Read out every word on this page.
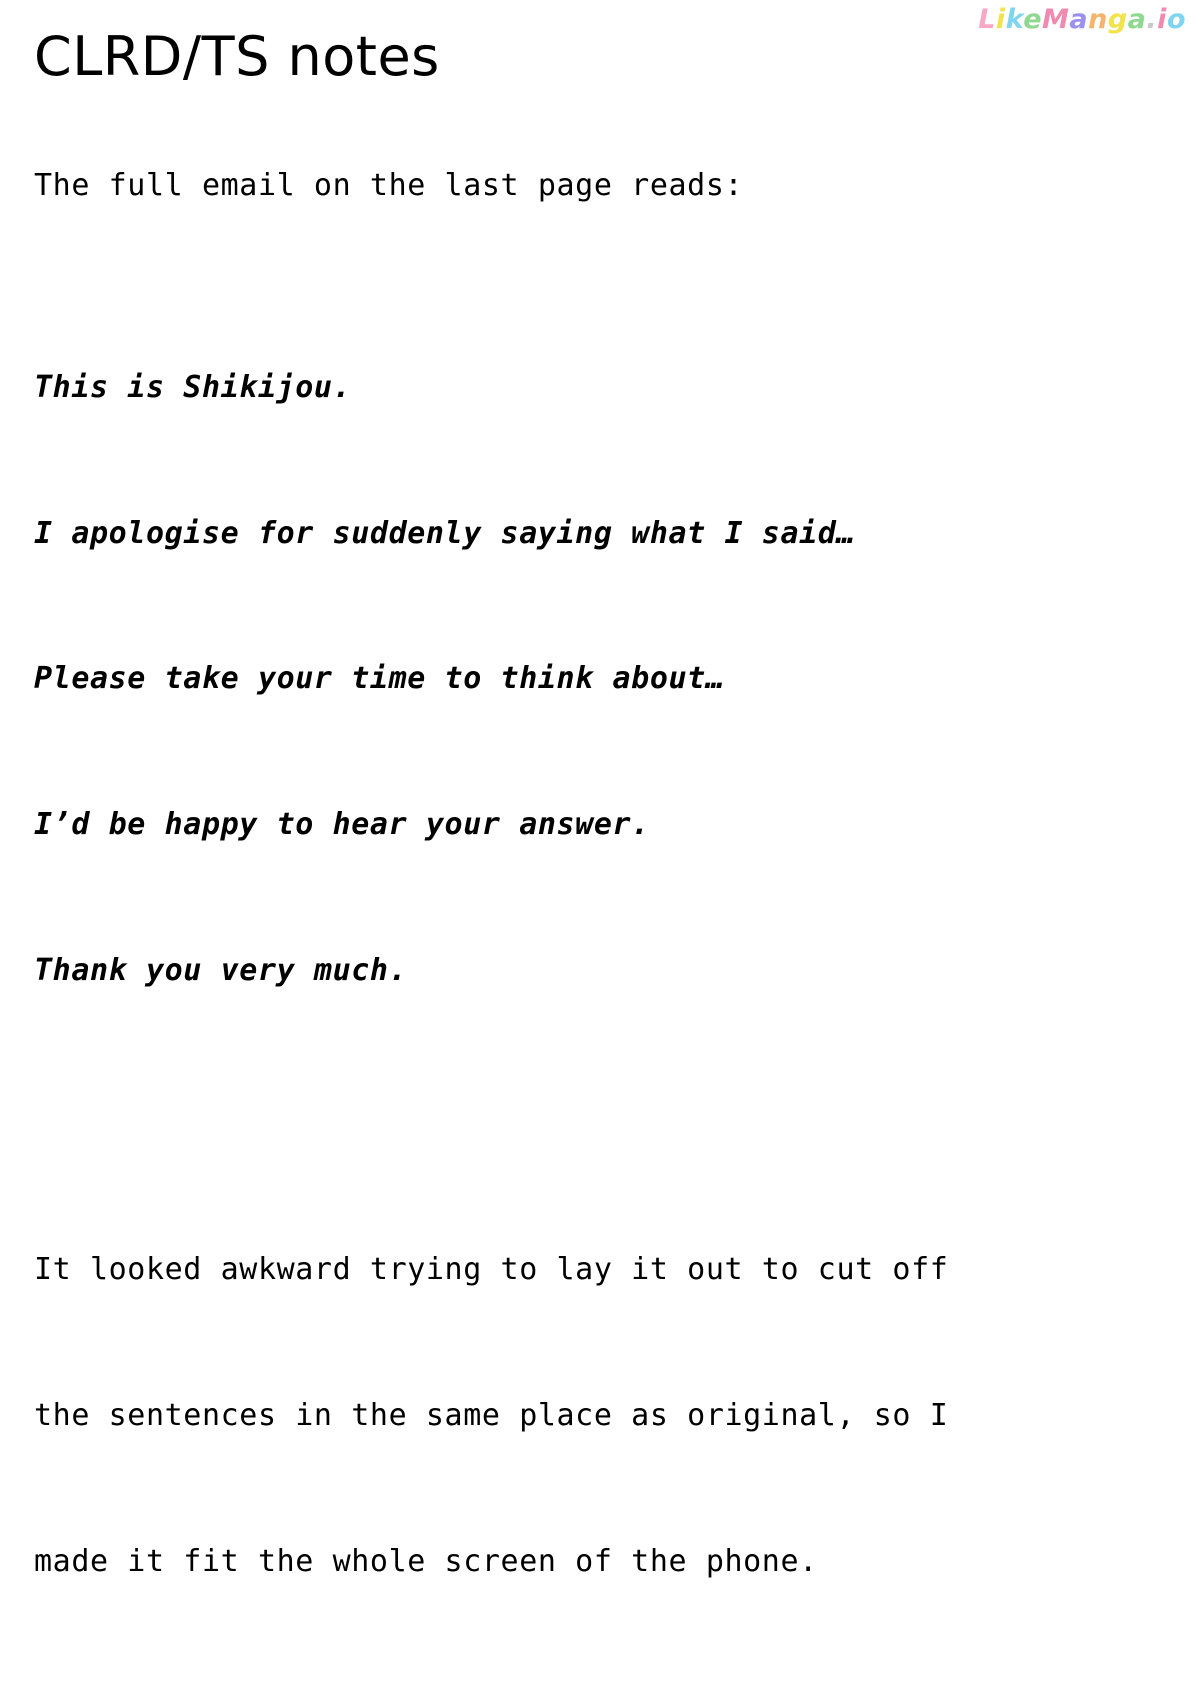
LikeManga.io
CLRD/TS notes
The full email on the last page reads:

This is Shikijou.

I apologise for suddenly saying what I said…

Please take your time to think about…

I’d be happy to hear your answer.

Thank you very much.

It looked awkward trying to lay it out to cut off

the sentences in the same place as original, so I

made it fit the whole screen of the phone.
